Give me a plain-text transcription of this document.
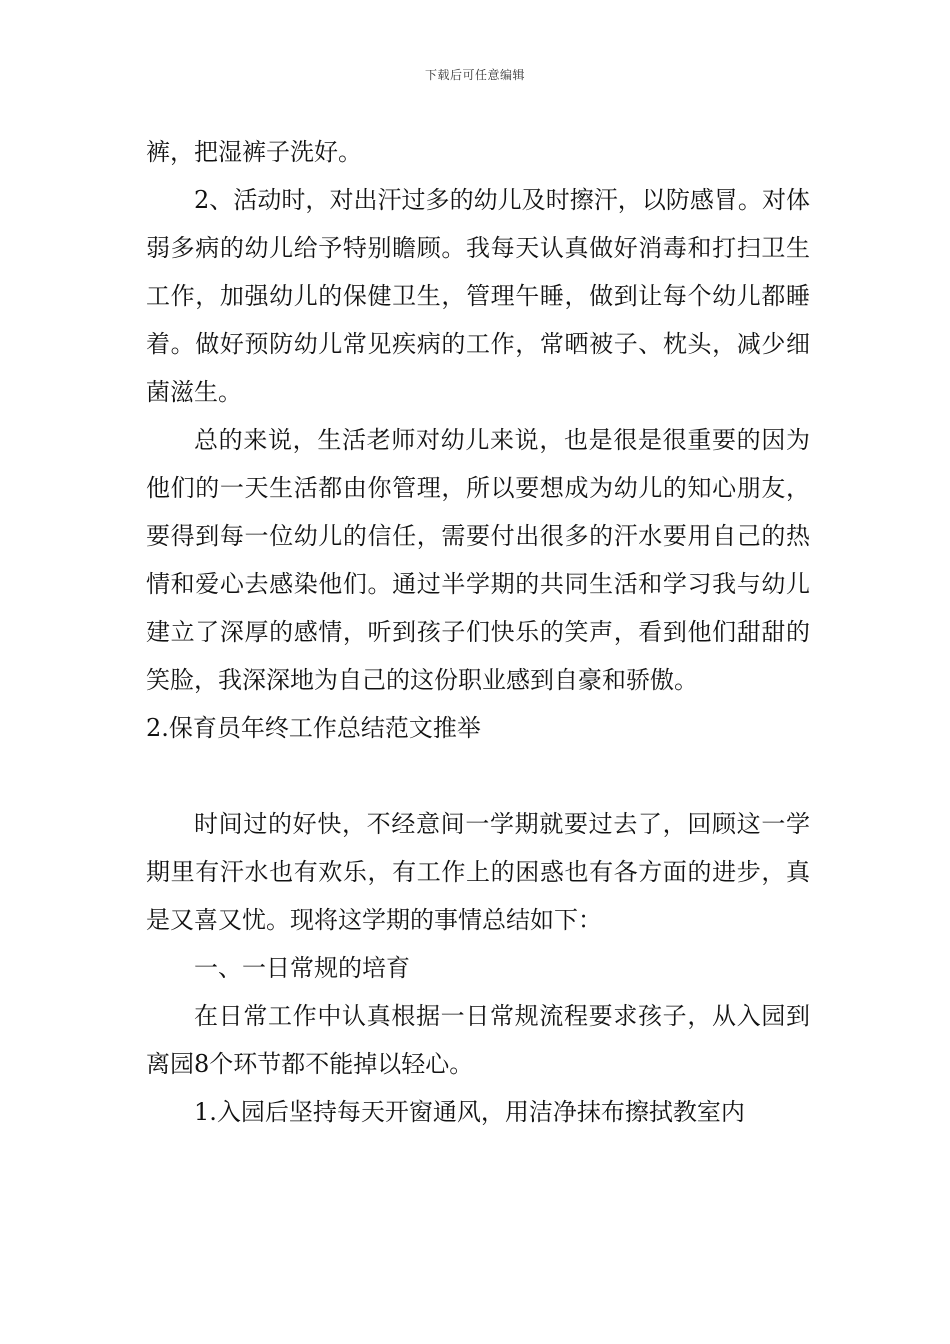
下载后可任意编辑

裤，把湿裤子洗好。

2、活动时，对出汗过多的幼儿及时擦汗，以防感冒。对体弱多病的幼儿给予特别瞻顾。我每天认真做好消毒和打扫卫生工作，加强幼儿的保健卫生，管理午睡，做到让每个幼儿都睡着。做好预防幼儿常见疾病的工作，常晒被子、枕头，减少细菌滋生。

总的来说，生活老师对幼儿来说，也是很是很重要的因为他们的一天生活都由你管理，所以要想成为幼儿的知心朋友，要得到每一位幼儿的信任，需要付出很多的汗水要用自己的热情和爱心去感染他们。通过半学期的共同生活和学习我与幼儿建立了深厚的感情，听到孩子们快乐的笑声，看到他们甜甜的笑脸，我深深地为自己的这份职业感到自豪和骄傲。

2.保育员年终工作总结范文推举

时间过的好快，不经意间一学期就要过去了，回顾这一学期里有汗水也有欢乐，有工作上的困惑也有各方面的进步，真是又喜又忧。现将这学期的事情总结如下：

一、一日常规的培育

在日常工作中认真根据一日常规流程要求孩子，从入园到离园8个环节都不能掉以轻心。

1.入园后坚持每天开窗通风，用洁净抹布擦拭教室内
